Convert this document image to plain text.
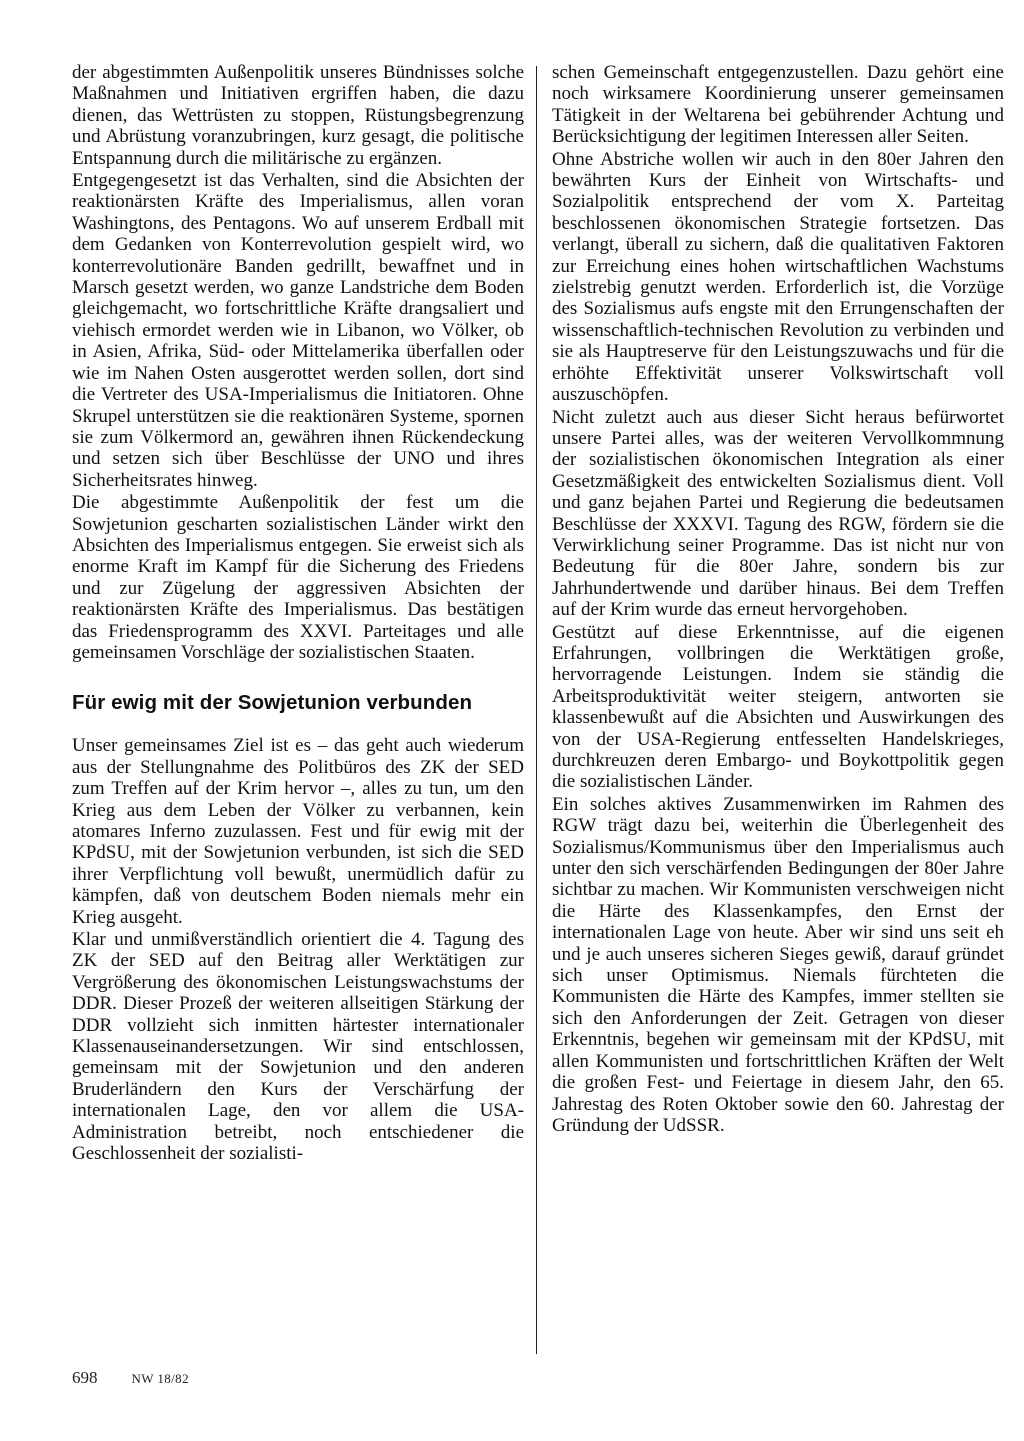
der abgestimmten Außenpolitik unseres Bündnisses solche Maßnahmen und Initiativen ergriffen haben, die dazu dienen, das Wettrüsten zu stoppen, Rüstungsbegrenzung und Abrüstung voranzubringen, kurz gesagt, die politische Entspannung durch die militärische zu ergänzen.

Entgegengesetzt ist das Verhalten, sind die Absichten der reaktionärsten Kräfte des Imperialismus, allen voran Washingtons, des Pentagons. Wo auf unserem Erdball mit dem Gedanken von Konterrevolution gespielt wird, wo konterrevolutionäre Banden gedrillt, bewaffnet und in Marsch gesetzt werden, wo ganze Landstriche dem Boden gleichgemacht, wo fortschrittliche Kräfte drangsaliert und viehisch ermordet werden wie in Libanon, wo Völker, ob in Asien, Afrika, Süd- oder Mittelamerika überfallen oder wie im Nahen Osten ausgerottet werden sollen, dort sind die Vertreter des USA-Imperialismus die Initiatoren. Ohne Skrupel unterstützen sie die reaktionären Systeme, spornen sie zum Völkermord an, gewähren ihnen Rückendeckung und setzen sich über Beschlüsse der UNO und ihres Sicherheitsrates hinweg.

Die abgestimmte Außenpolitik der fest um die Sowjetunion gescharten sozialistischen Länder wirkt den Absichten des Imperialismus entgegen. Sie erweist sich als enorme Kraft im Kampf für die Sicherung des Friedens und zur Zügelung der aggressiven Absichten der reaktionärsten Kräfte des Imperialismus. Das bestätigen das Friedensprogramm des XXVI. Parteitages und alle gemeinsamen Vorschläge der sozialistischen Staaten.

Für ewig mit der Sowjetunion verbunden

Unser gemeinsames Ziel ist es – das geht auch wiederum aus der Stellungnahme des Politbüros des ZK der SED zum Treffen auf der Krim hervor –, alles zu tun, um den Krieg aus dem Leben der Völker zu verbannen, kein atomares Inferno zuzulassen. Fest und für ewig mit der KPdSU, mit der Sowjetunion verbunden, ist sich die SED ihrer Verpflichtung voll bewußt, unermüdlich dafür zu kämpfen, daß von deutschem Boden niemals mehr ein Krieg ausgeht.

Klar und unmißverständlich orientiert die 4. Tagung des ZK der SED auf den Beitrag aller Werktätigen zur Vergrößerung des ökonomischen Leistungswachstums der DDR. Dieser Prozeß der weiteren allseitigen Stärkung der DDR vollzieht sich inmitten härtester internationaler Klassenauseinandersetzungen. Wir sind entschlossen, gemeinsam mit der Sowjetunion und den anderen Bruderländern den Kurs der Verschärfung der internationalen Lage, den vor allem die USA-Administration betreibt, noch entschiedener die Geschlossenheit der sozialisti-

schen Gemeinschaft entgegenzustellen. Dazu gehört eine noch wirksamere Koordinierung unserer gemeinsamen Tätigkeit in der Weltarena bei gebührender Achtung und Berücksichtigung der legitimen Interessen aller Seiten.

Ohne Abstriche wollen wir auch in den 80er Jahren den bewährten Kurs der Einheit von Wirtschafts- und Sozialpolitik entsprechend der vom X. Parteitag beschlossenen ökonomischen Strategie fortsetzen. Das verlangt, überall zu sichern, daß die qualitativen Faktoren zur Erreichung eines hohen wirtschaftlichen Wachstums zielstrebig genutzt werden. Erforderlich ist, die Vorzüge des Sozialismus aufs engste mit den Errungenschaften der wissenschaftlich-technischen Revolution zu verbinden und sie als Hauptreserve für den Leistungszuwachs und für die erhöhte Effektivität unserer Volkswirtschaft voll auszuschöpfen.

Nicht zuletzt auch aus dieser Sicht heraus befürwortet unsere Partei alles, was der weiteren Vervollkommnung der sozialistischen ökonomischen Integration als einer Gesetzmäßigkeit des entwickelten Sozialismus dient. Voll und ganz bejahen Partei und Regierung die bedeutsamen Beschlüsse der XXXVI. Tagung des RGW, fördern sie die Verwirklichung seiner Programme. Das ist nicht nur von Bedeutung für die 80er Jahre, sondern bis zur Jahrhundertwende und darüber hinaus. Bei dem Treffen auf der Krim wurde das erneut hervorgehoben.

Gestützt auf diese Erkenntnisse, auf die eigenen Erfahrungen, vollbringen die Werktätigen große, hervorragende Leistungen. Indem sie ständig die Arbeitsproduktivität weiter steigern, antworten sie klassenbewußt auf die Absichten und Auswirkungen des von der USA-Regierung entfesselten Handelskrieges, durchkreuzen deren Embargo- und Boykottpolitik gegen die sozialistischen Länder.

Ein solches aktives Zusammenwirken im Rahmen des RGW trägt dazu bei, weiterhin die Überlegenheit des Sozialismus/Kommunismus über den Imperialismus auch unter den sich verschärfenden Bedingungen der 80er Jahre sichtbar zu machen. Wir Kommunisten verschweigen nicht die Härte des Klassenkampfes, den Ernst der internationalen Lage von heute. Aber wir sind uns seit eh und je auch unseres sicheren Sieges gewiß, darauf gründet sich unser Optimismus. Niemals fürchteten die Kommunisten die Härte des Kampfes, immer stellten sie sich den Anforderungen der Zeit. Getragen von dieser Erkenntnis, begehen wir gemeinsam mit der KPdSU, mit allen Kommunisten und fortschrittlichen Kräften der Welt die großen Fest- und Feiertage in diesem Jahr, den 65. Jahrestag des Roten Oktober sowie den 60. Jahrestag der Gründung der UdSSR.

698	NW 18/82
